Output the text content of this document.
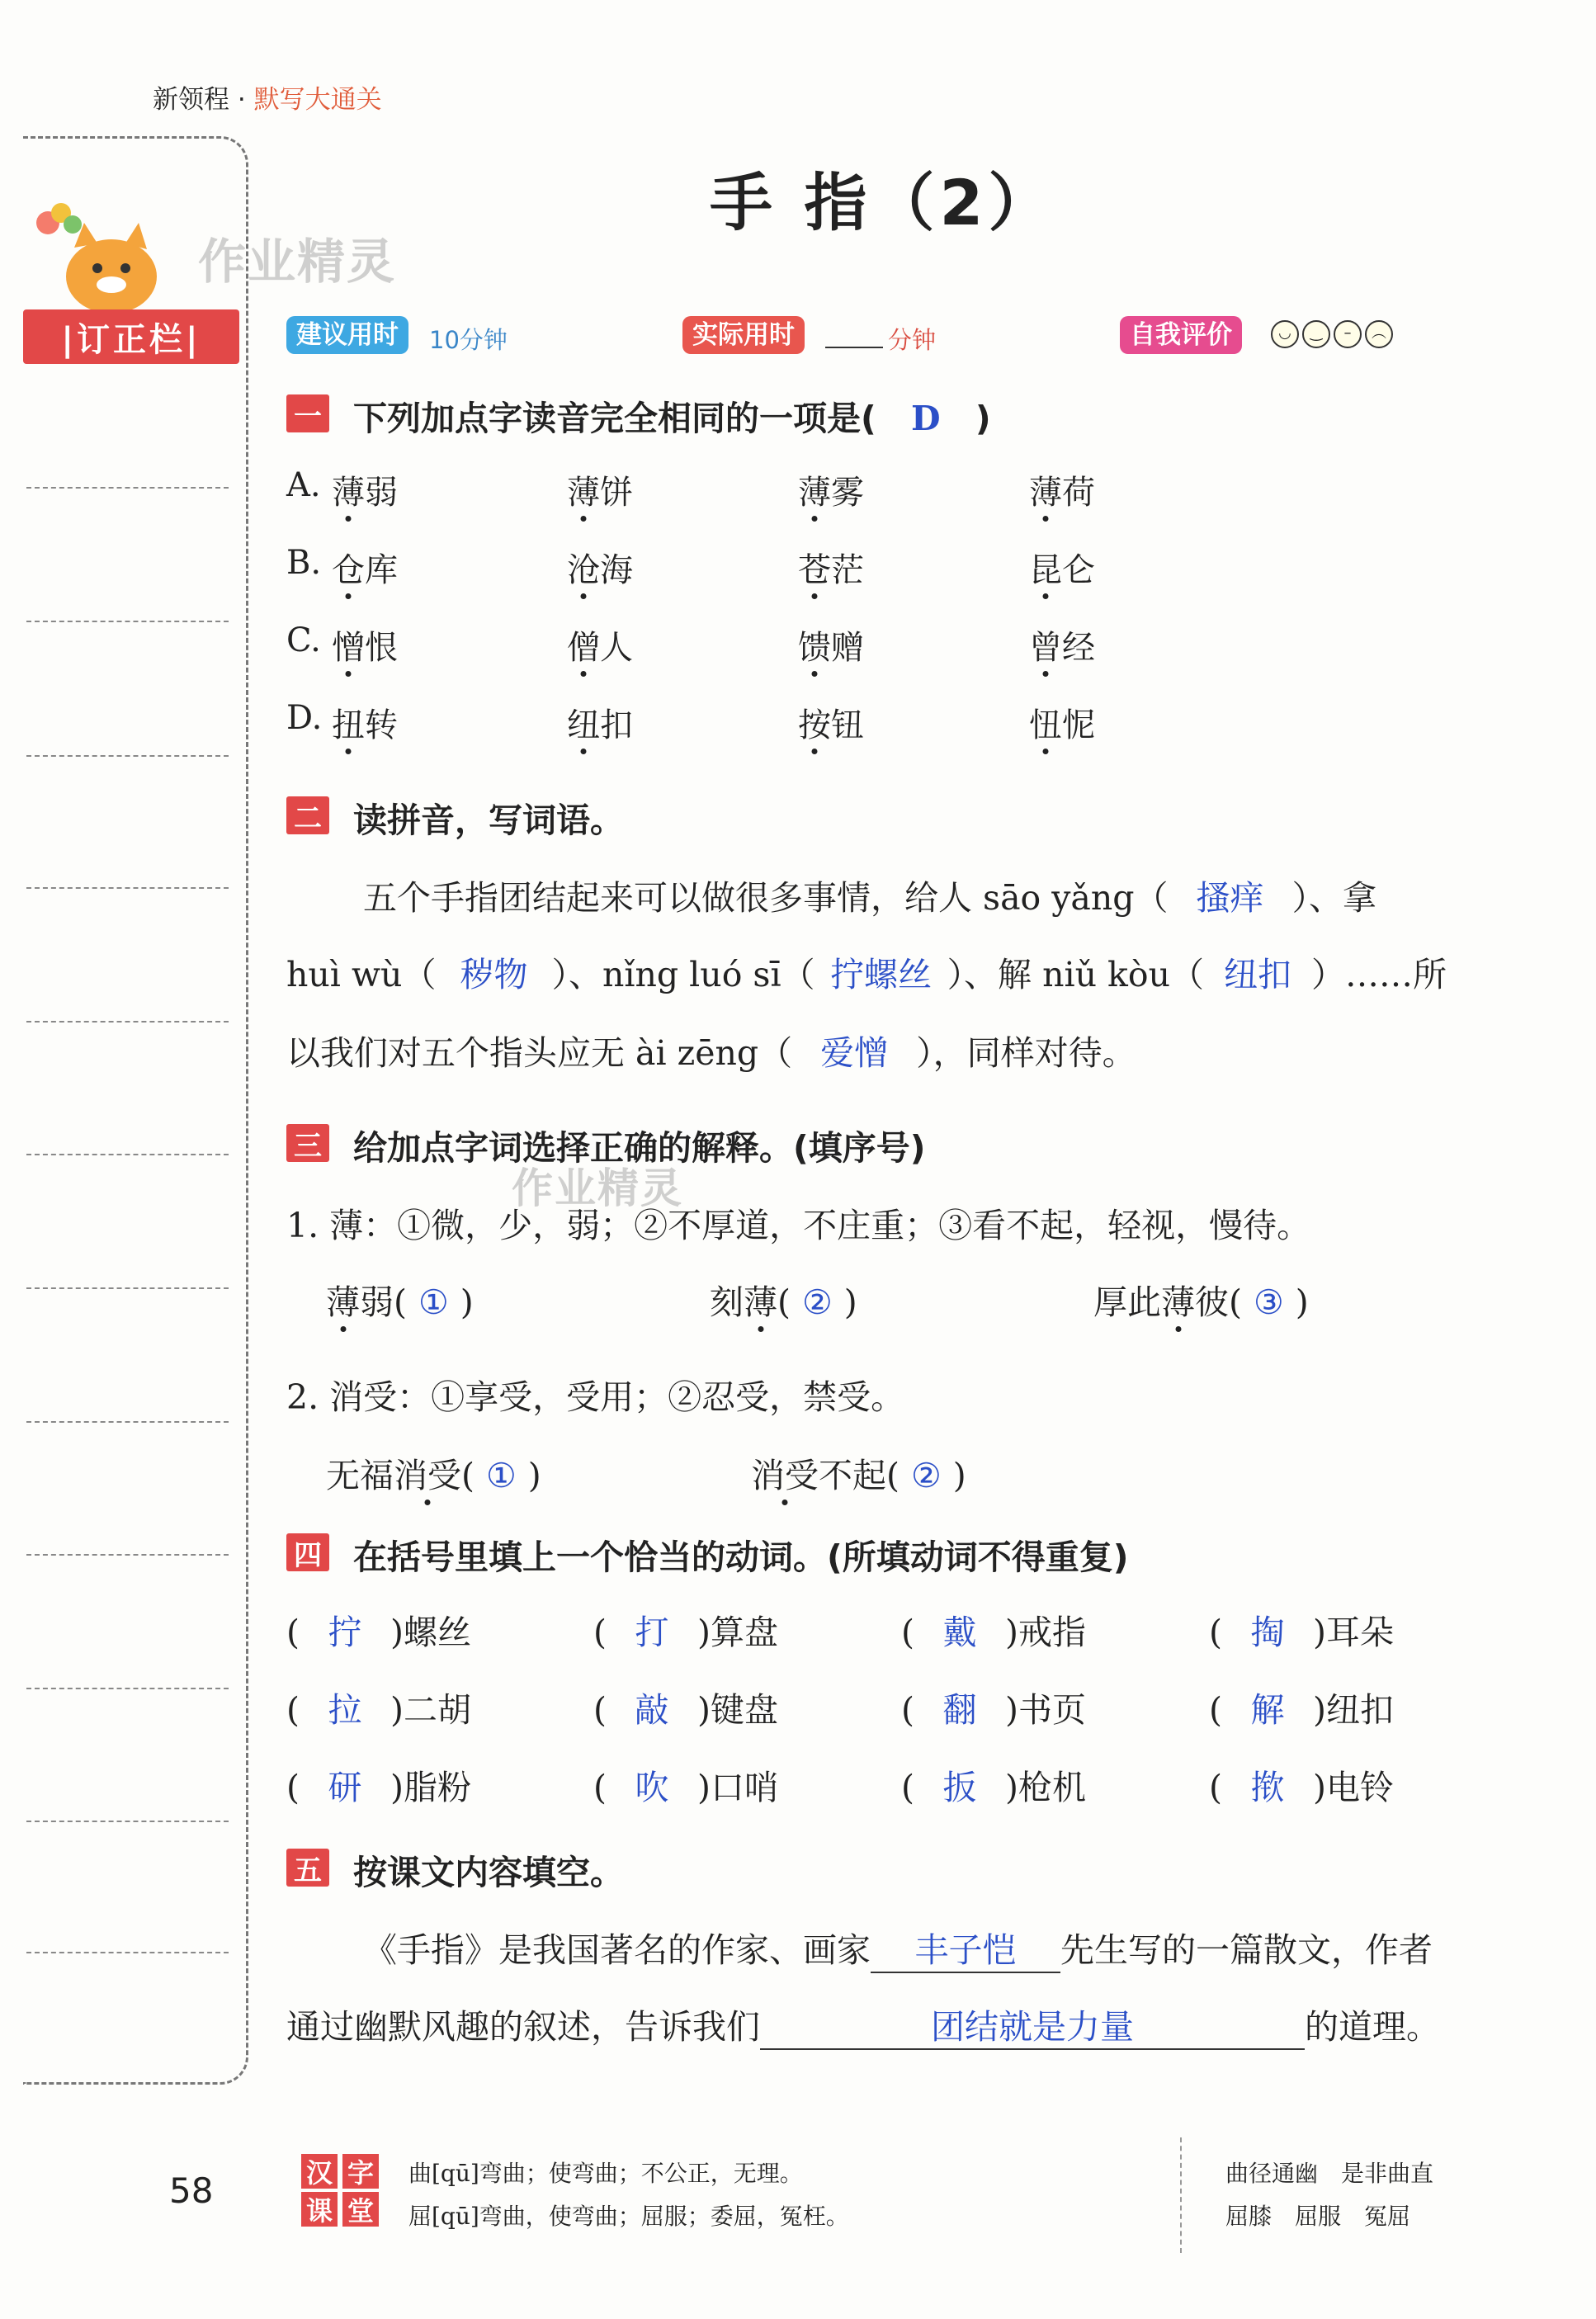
新领程 · 默写大通关
作业精灵
|订正栏|
手 指（2）
建议用时	10分钟	实际用时	分钟	自我评价	◡ ‿ – ︵
一 下列加点字读音完全相同的一项是( D )
A. 薄弱	薄饼	薄雾	薄荷
B. 仓库	沧海	苍茫	昆仑
C. 憎恨	僧人	馈赠	曾经
D. 扭转	纽扣	按钮	忸怩
二 读拼音，写词语。
五个手指团结起来可以做很多事情，给人 sāo yǎng（ 搔痒 ）、拿
huì wù（ 秽物 ）、nǐng luó sī（ 拧螺丝 ）、解 niǔ kòu（ 纽扣 ）……所
以我们对五个指头应无 ài zēng（ 爱憎 ），同样对待。
三 给加点字词选择正确的解释。(填序号)
作业精灵
1. 薄：①微，少，弱；②不厚道，不庄重；③看不起，轻视，慢待。
薄弱( ① )	刻薄( ② )	厚此薄彼( ③ )
2. 消受：①享受，受用；②忍受，禁受。
无福消受( ① )	消受不起( ② )
四 在括号里填上一个恰当的动词。(所填动词不得重复)
( 拧 )螺丝	( 打 )算盘	( 戴 )戒指	( 掏 )耳朵
( 拉 )二胡	( 敲 )键盘	( 翻 )书页	( 解 )纽扣
( 研 )脂粉	( 吹 )口哨	( 扳 )枪机	( 揿 )电铃
五 按课文内容填空。
《手指》是我国著名的作家、画家 丰子恺 先生写的一篇散文，作者
通过幽默风趣的叙述，告诉我们	团结就是力量	的道理。
58	汉 字
课 堂
曲[qū]弯曲；使弯曲；不公正，无理。
屈[qū]弯曲，使弯曲；屈服；委屈，冤枉。
曲径通幽　是非曲直
屈膝　屈服　冤屈
